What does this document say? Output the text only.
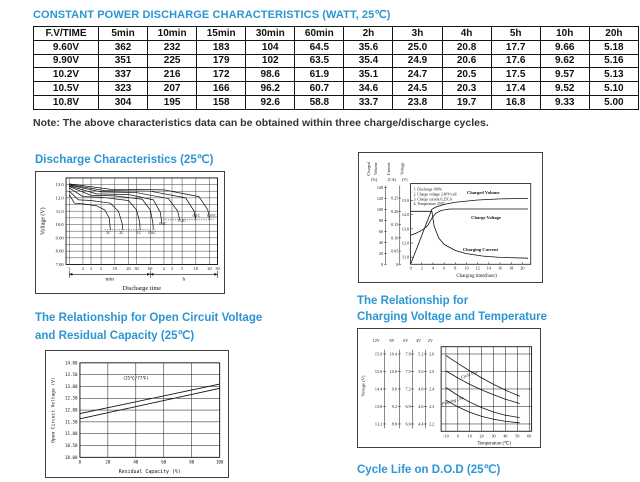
CONSTANT POWER DISCHARGE CHARACTERISTICS (WATT, 25℃)
F.V/TIME	5min	10min	15min	30min	60min	2h	3h	4h	5h	10h	20h
9.60V	362	232	183	104	64.5	35.6	25.0	20.8	17.7	9.66	5.18
9.90V	351	225	179	102	63.5	35.4	24.9	20.6	17.6	9.62	5.16
10.2V	337	216	172	98.6	61.9	35.1	24.7	20.5	17.5	9.57	5.13
10.5V	323	207	166	96.2	60.7	34.6	24.5	20.3	17.4	9.52	5.10
10.8V	304	195	158	92.6	58.8	33.7	23.8	19.7	16.8	9.33	5.00

Note: The above characteristics data can be obtained within three charge/discharge cycles.

Discharge Characteristics (25℃)
13.0
12.0
11.0
10.0
9.00
8.00
7.00
Voltage (V)
1	2 3 5 10 20 30 60 2 3 5 10 20 30
min	h
Discharge time
3C 2C	1C 0.6C
0.4C
0.2C
0.1C 0.05C
Charged Volume Current Voltage
(%) (CA) (V)
140
120
100
80
60
40
20
0
0.25
0.20
0.15
0.10
0.05
0
15.0
14.0
13.0
12.0
11.0
0 2 4 6 8 10 12 14 16 18 20
Charging time(hour)
1. Discharge 100%
2. Charge voltage 2.40V/cell
3. Charge current 0.25CA
4. Temperature 25℃
Charged Volume
Charge Voltage
Charging Current
The Relationship for
Charging Voltage and Temperature
12V 8V 6V 4V 2V
15.6
15.0
14.4
13.8
13.2
10.4
10.0
9.6
9.2
8.8
7.8
7.5
7.2
6.9
6.6
5.2
5.0
4.8
4.6
4.4
2.6
2.5
2.4
2.3
2.2
Voltage (V)
-10 0 10 20 30 40 50 60
Temperature (℃)
Cycle Use
Floating Use
The Relationship for Open Circuit Voltage
and Residual Capacity (25℃)
14.00
13.50
13.00
12.50
12.00
11.50
11.00
10.50
10.00
Open Circuit Voltage (V)
0	20	40	60	80	100
Residual Capacity (%)
(25℃/77℉)
Cycle Life on D.O.D (25℃)
